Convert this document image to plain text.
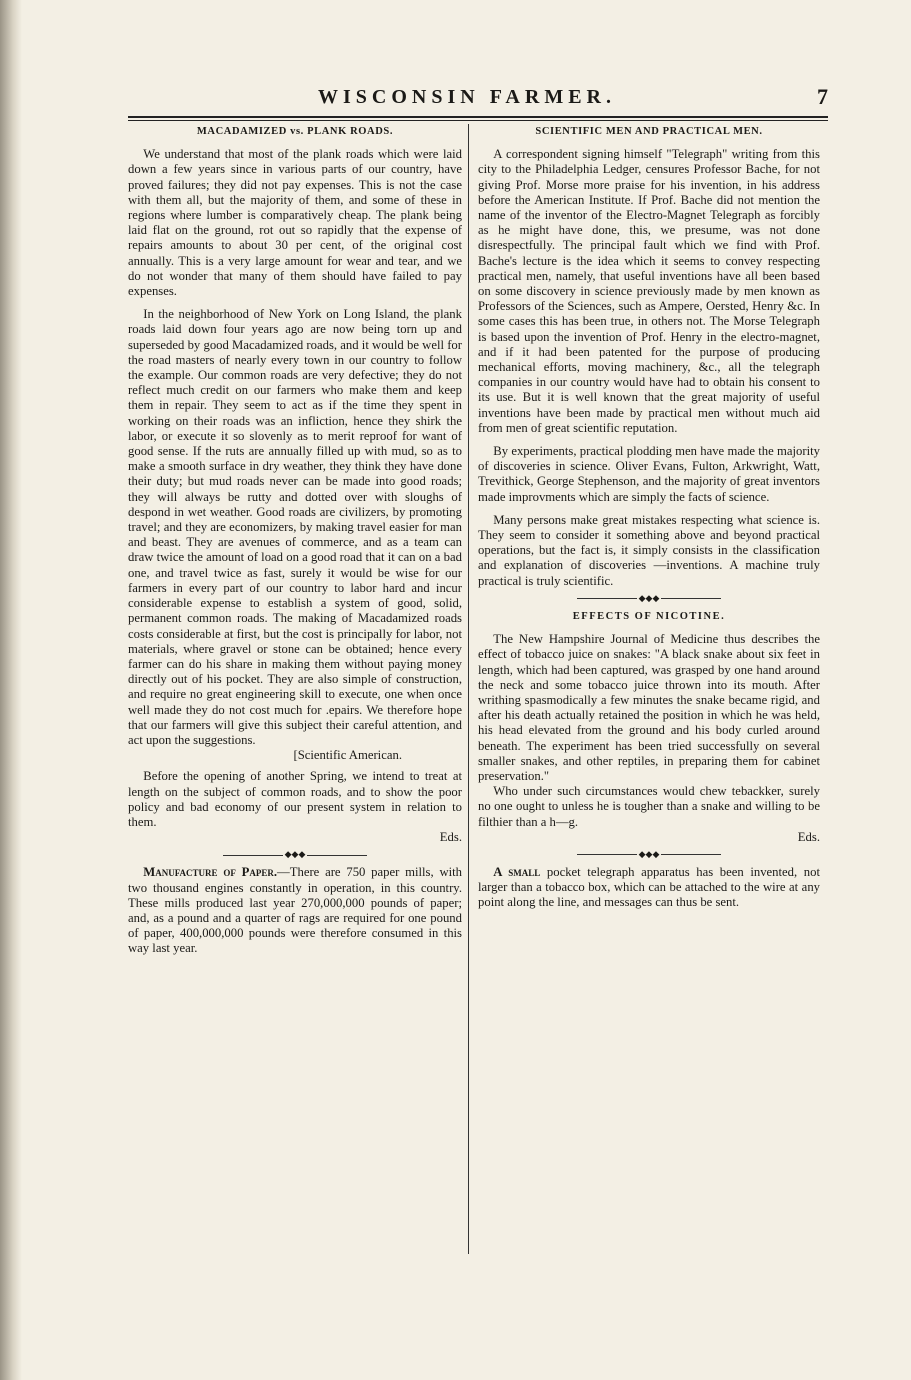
WISCONSIN FARMER.	7
MACADAMIZED vs. PLANK ROADS.

We understand that most of the plank roads which were laid down a few years since in various parts of our country, have proved failures; they did not pay expenses. This is not the case with them all, but the majority of them, and some of these in regions where lumber is comparatively cheap. The plank being laid flat on the ground, rot out so rapidly that the expense of repairs amounts to about 30 per cent, of the original cost annually. This is a very large amount for wear and tear, and we do not wonder that many of them should have failed to pay expenses.

In the neighborhood of New York on Long Island, the plank roads laid down four years ago are now being torn up and superseded by good Macadamized roads, and it would be well for the road masters of nearly every town in our country to follow the example. Our common roads are very defective; they do not reflect much credit on our farmers who make them and keep them in repair. They seem to act as if the time they spent in working on their roads was an infliction, hence they shirk the labor, or execute it so slovenly as to merit reproof for want of good sense. If the ruts are annually filled up with mud, so as to make a smooth surface in dry weather, they think they have done their duty; but mud roads never can be made into good roads; they will always be rutty and dotted over with sloughs of despond in wet weather. Good roads are civilizers, by promoting travel; and they are economizers, by making travel easier for man and beast. They are avenues of commerce, and as a team can draw twice the amount of load on a good road that it can on a bad one, and travel twice as fast, surely it would be wise for our farmers in every part of our country to labor hard and incur considerable expense to establish a system of good, solid, permanent common roads. The making of Macadamized roads costs considerable at first, but the cost is principally for labor, not materials, where gravel or stone can be obtained; hence every farmer can do his share in making them without paying money directly out of his pocket. They are also simple of construction, and require no great engineering skill to execute, one when once well made they do not cost much for .epairs. We therefore hope that our farmers will give this subject their careful attention, and act upon the suggestions.

[Scientific American.

Before the opening of another Spring, we intend to treat at length on the subject of common roads, and to show the poor policy and bad economy of our present system in relation to them.

Eds.

◆◆◆

Manufacture of Paper.—There are 750 paper mills, with two thousand engines constantly in operation, in this country. These mills produced last year 270,000,000 pounds of paper; and, as a pound and a quarter of rags are required for one pound of paper, 400,000,000 pounds were therefore consumed in this way last year.

SCIENTIFIC MEN AND PRACTICAL MEN.

A correspondent signing himself "Telegraph" writing from this city to the Philadelphia Ledger, censures Professor Bache, for not giving Prof. Morse more praise for his invention, in his address before the American Institute. If Prof. Bache did not mention the name of the inventor of the Electro-Magnet Telegraph as forcibly as he might have done, this, we presume, was not done disrespectfully. The principal fault which we find with Prof. Bache's lecture is the idea which it seems to convey respecting practical men, namely, that useful inventions have all been based on some discovery in science previously made by men known as Professors of the Sciences, such as Ampere, Oersted, Henry &c. In some cases this has been true, in others not. The Morse Telegraph is based upon the invention of Prof. Henry in the electro-magnet, and if it had been patented for the purpose of producing mechanical efforts, moving machinery, &c., all the telegraph companies in our country would have had to obtain his consent to its use. But it is well known that the great majority of useful inventions have been made by practical men without much aid from men of great scientific reputation.

By experiments, practical plodding men have made the majority of discoveries in science. Oliver Evans, Fulton, Arkwright, Watt, Trevithick, George Stephenson, and the majority of great inventors made improvments which are simply the facts of science.

Many persons make great mistakes respecting what science is. They seem to consider it something above and beyond practical operations, but the fact is, it simply consists in the classification and explanation of discoveries —inventions. A machine truly practical is truly scientific.

◆◆◆
EFFECTS OF NICOTINE.

The New Hampshire Journal of Medicine thus describes the effect of tobacco juice on snakes: "A black snake about six feet in length, which had been captured, was grasped by one hand around the neck and some tobacco juice thrown into its mouth. After writhing spasmodically a few minutes the snake became rigid, and after his death actually retained the position in which he was held, his head elevated from the ground and his body curled around beneath. The experiment has been tried successfully on several smaller snakes, and other reptiles, in preparing them for cabinet preservation."

Who under such circumstances would chew tebackker, surely no one ought to unless he is tougher than a snake and willing to be filthier than a h—g.

Eds.

◆◆◆

A small pocket telegraph apparatus has been invented, not larger than a tobacco box, which can be attached to the wire at any point along the line, and messages can thus be sent.
